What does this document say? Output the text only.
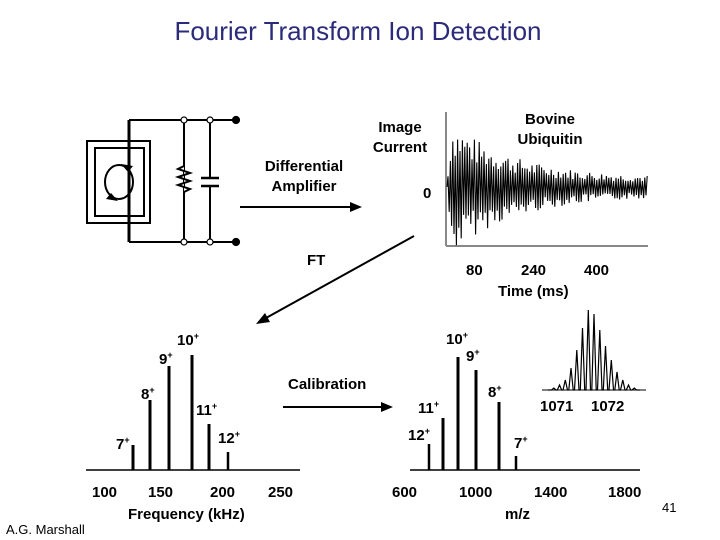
Fourier Transform Ion Detection
Differential Amplifier
Image Current
Bovine Ubiquitin
0
80	240	400
Time (ms)
FT
Calibration
10+
9+
8+
11+
12+
7+
100 150 200 250
Frequency (kHz)
10+
9+
8+
11+
12+
7+
1071 1072
600	1000	1400	1800
m/z
A.G. Marshall
41
